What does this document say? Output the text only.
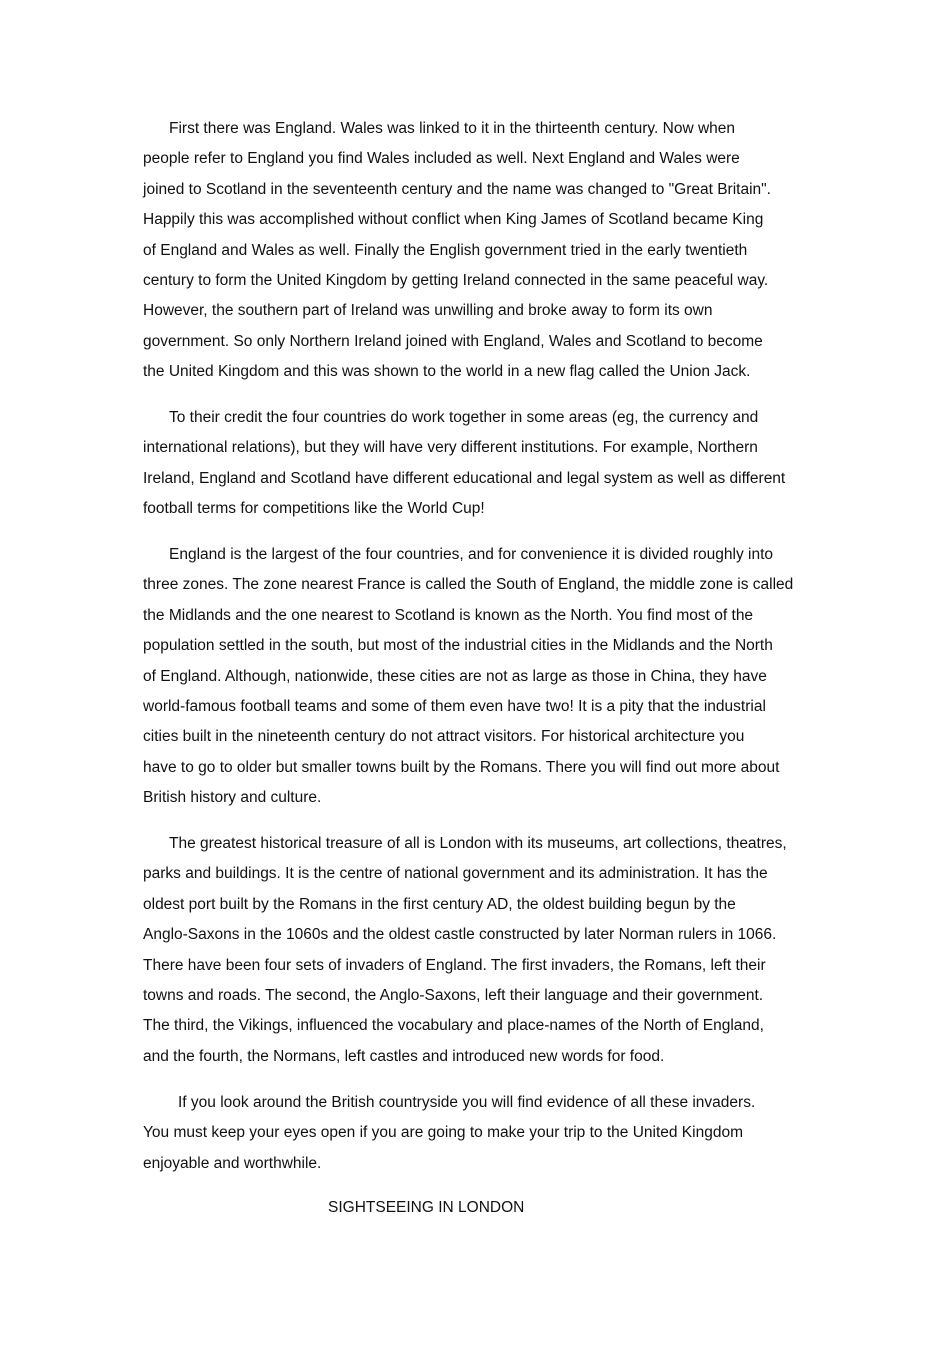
First there was England. Wales was linked to it in the thirteenth century. Now when
people refer to England you find Wales included as well. Next England and Wales were
joined to Scotland in the seventeenth century and the name was changed to "Great Britain".
Happily this was accomplished without conflict when King James of Scotland became King
of England and Wales as well. Finally the English government tried in the early twentieth
century to form the United Kingdom by getting Ireland connected in the same peaceful way.
However, the southern part of Ireland was unwilling and broke away to form its own
government. So only Northern Ireland joined with England, Wales and Scotland to become
the United Kingdom and this was shown to the world in a new flag called the Union Jack.
To their credit the four countries do work together in some areas (eg, the currency and
international relations), but they will have very different institutions. For example, Northern
Ireland, England and Scotland have different educational and legal system as well as different
football terms for competitions like the World Cup!
England is the largest of the four countries, and for convenience it is divided roughly into
three zones. The zone nearest France is called the South of England, the middle zone is called
the Midlands and the one nearest to Scotland is known as the North. You find most of the
population settled in the south, but most of the industrial cities in the Midlands and the North
of England. Although, nationwide, these cities are not as large as those in China, they have
world-famous football teams and some of them even have two! It is a pity that the industrial
cities built in the nineteenth century do not attract visitors. For historical architecture you
have to go to older but smaller towns built by the Romans. There you will find out more about
British history and culture.
The greatest historical treasure of all is London with its museums, art collections, theatres,
parks and buildings. It is the centre of national government and its administration. It has the
oldest port built by the Romans in the first century AD, the oldest building begun by the
Anglo-Saxons in the 1060s and the oldest castle constructed by later Norman rulers in 1066.
There have been four sets of invaders of England. The first invaders, the Romans, left their
towns and roads. The second, the Anglo-Saxons, left their language and their government.
The third, the Vikings, influenced the vocabulary and place-names of the North of England,
and the fourth, the Normans, left castles and introduced new words for food.
If you look around the British countryside you will find evidence of all these invaders.
You must keep your eyes open if you are going to make your trip to the United Kingdom
enjoyable and worthwhile.
SIGHTSEEING IN LONDON
